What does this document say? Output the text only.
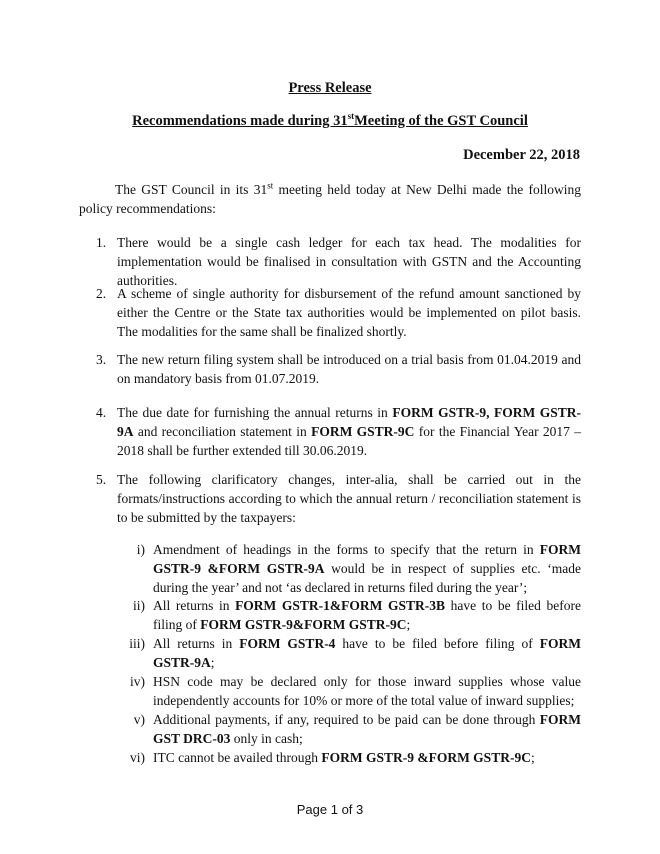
Press Release
Recommendations made during 31stMeeting of the GST Council
December 22, 2018

The GST Council in its 31st meeting held today at New Delhi made the following policy recommendations:

1. There would be a single cash ledger for each tax head. The modalities for implementation would be finalised in consultation with GSTN and the Accounting authorities.

2. A scheme of single authority for disbursement of the refund amount sanctioned by either the Centre or the State tax authorities would be implemented on pilot basis. The modalities for the same shall be finalized shortly.

3. The new return filing system shall be introduced on a trial basis from 01.04.2019 and on mandatory basis from 01.07.2019.

4. The due date for furnishing the annual returns in FORM GSTR-9, FORM GSTR-9A and reconciliation statement in FORM GSTR-9C for the Financial Year 2017 – 2018 shall be further extended till 30.06.2019.

5. The following clarificatory changes, inter-alia, shall be carried out in the formats/instructions according to which the annual return / reconciliation statement is to be submitted by the taxpayers:

i) Amendment of headings in the forms to specify that the return in FORM GSTR-9 &FORM GSTR-9A would be in respect of supplies etc. ‘made during the year’ and not ‘as declared in returns filed during the year’;

ii) All returns in FORM GSTR-1&FORM GSTR-3B have to be filed before filing of FORM GSTR-9&FORM GSTR-9C;

iii) All returns in FORM GSTR-4 have to be filed before filing of FORM GSTR-9A;

iv) HSN code may be declared only for those inward supplies whose value independently accounts for 10% or more of the total value of inward supplies;

v) Additional payments, if any, required to be paid can be done through FORM GST DRC-03 only in cash;

vi) ITC cannot be availed through FORM GSTR-9 &FORM GSTR-9C;

Page 1 of 3
